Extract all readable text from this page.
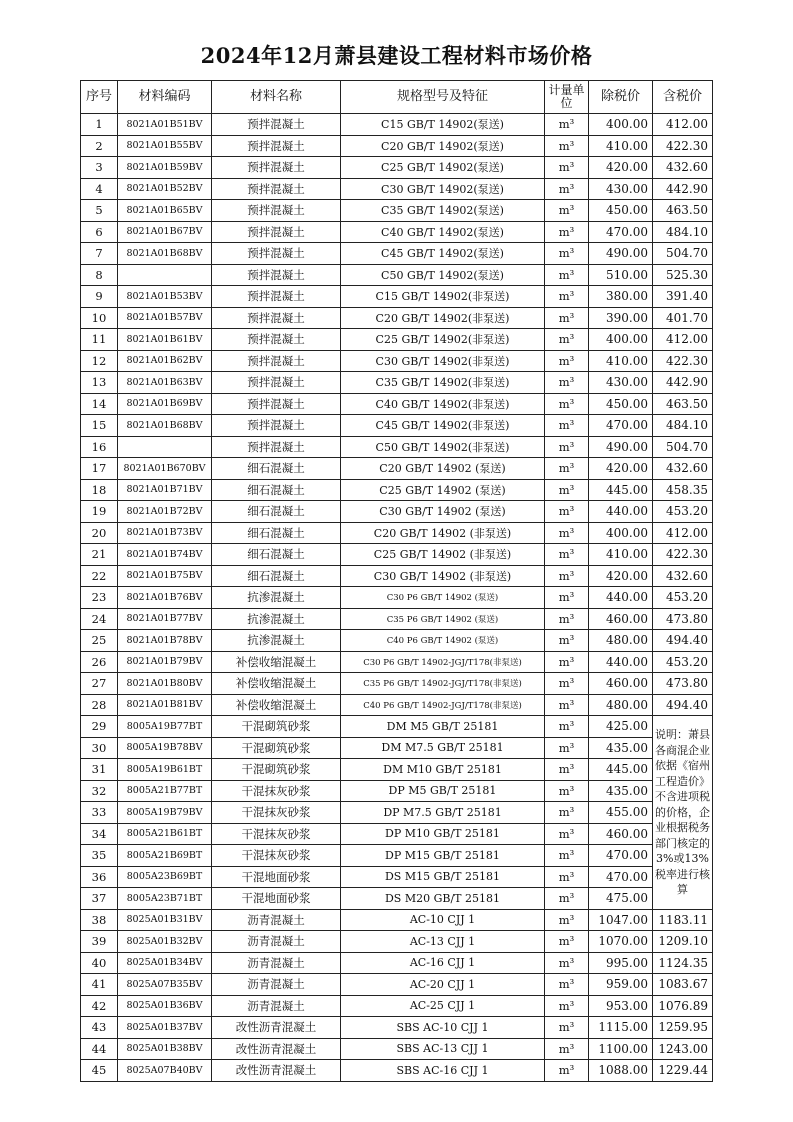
2024年12月萧县建设工程材料市场价格
序号	材料编码	材料名称	规格型号及特征	计量单位	除税价	含税价
1	8021A01B51BV	预拌混凝土	C15 GB/T 14902(泵送)	m³	400.00	412.00
2	8021A01B55BV	预拌混凝土	C20 GB/T 14902(泵送)	m³	410.00	422.30
3	8021A01B59BV	预拌混凝土	C25 GB/T 14902(泵送)	m³	420.00	432.60
4	8021A01B52BV	预拌混凝土	C30 GB/T 14902(泵送)	m³	430.00	442.90
5	8021A01B65BV	预拌混凝土	C35 GB/T 14902(泵送)	m³	450.00	463.50
6	8021A01B67BV	预拌混凝土	C40 GB/T 14902(泵送)	m³	470.00	484.10
7	8021A01B68BV	预拌混凝土	C45 GB/T 14902(泵送)	m³	490.00	504.70
8		预拌混凝土	C50 GB/T 14902(泵送)	m³	510.00	525.30
9	8021A01B53BV	预拌混凝土	C15 GB/T 14902(非泵送)	m³	380.00	391.40
10	8021A01B57BV	预拌混凝土	C20 GB/T 14902(非泵送)	m³	390.00	401.70
11	8021A01B61BV	预拌混凝土	C25 GB/T 14902(非泵送)	m³	400.00	412.00
12	8021A01B62BV	预拌混凝土	C30 GB/T 14902(非泵送)	m³	410.00	422.30
13	8021A01B63BV	预拌混凝土	C35 GB/T 14902(非泵送)	m³	430.00	442.90
14	8021A01B69BV	预拌混凝土	C40 GB/T 14902(非泵送)	m³	450.00	463.50
15	8021A01B68BV	预拌混凝土	C45 GB/T 14902(非泵送)	m³	470.00	484.10
16		预拌混凝土	C50 GB/T 14902(非泵送)	m³	490.00	504.70
17	8021A01B670BV	细石混凝土	C20 GB/T 14902 (泵送)	m³	420.00	432.60
18	8021A01B71BV	细石混凝土	C25 GB/T 14902 (泵送)	m³	445.00	458.35
19	8021A01B72BV	细石混凝土	C30 GB/T 14902 (泵送)	m³	440.00	453.20
20	8021A01B73BV	细石混凝土	C20 GB/T 14902 (非泵送)	m³	400.00	412.00
21	8021A01B74BV	细石混凝土	C25 GB/T 14902 (非泵送)	m³	410.00	422.30
22	8021A01B75BV	细石混凝土	C30 GB/T 14902 (非泵送)	m³	420.00	432.60
23	8021A01B76BV	抗渗混凝土	C30 P6 GB/T 14902 (泵送)	m³	440.00	453.20
24	8021A01B77BV	抗渗混凝土	C35 P6 GB/T 14902 (泵送)	m³	460.00	473.80
25	8021A01B78BV	抗渗混凝土	C40 P6 GB/T 14902 (泵送)	m³	480.00	494.40
26	8021A01B79BV	补偿收缩混凝土	C30 P6 GB/T 14902-JGJ/T178(非泵送)	m³	440.00	453.20
27	8021A01B80BV	补偿收缩混凝土	C35 P6 GB/T 14902-JGJ/T178(非泵送)	m³	460.00	473.80
28	8021A01B81BV	补偿收缩混凝土	C40 P6 GB/T 14902-JGJ/T178(非泵送)	m³	480.00	494.40
29	8005A19B77BT	干混砌筑砂浆	DM M5 GB/T 25181	m³	425.00	说明：萧县各商混企业依据《宿州工程造价》不含进项税的价格，企业根据税务部门核定的3%或13%税率进行核算
30	8005A19B78BV	干混砌筑砂浆	DM M7.5 GB/T 25181	m³	435.00	
31	8005A19B61BT	干混砌筑砂浆	DM M10 GB/T 25181	m³	445.00	
32	8005A21B77BT	干混抹灰砂浆	DP M5 GB/T 25181	m³	435.00	
33	8005A19B79BV	干混抹灰砂浆	DP M7.5 GB/T 25181	m³	455.00	
34	8005A21B61BT	干混抹灰砂浆	DP M10 GB/T 25181	m³	460.00	
35	8005A21B69BT	干混抹灰砂浆	DP M15 GB/T 25181	m³	470.00	
36	8005A23B69BT	干混地面砂浆	DS M15 GB/T 25181	m³	470.00	
37	8005A23B71BT	干混地面砂浆	DS M20 GB/T 25181	m³	475.00	
38	8025A01B31BV	沥青混凝土	AC-10 CJJ 1	m³	1047.00	1183.11
39	8025A01B32BV	沥青混凝土	AC-13 CJJ 1	m³	1070.00	1209.10
40	8025A01B34BV	沥青混凝土	AC-16 CJJ 1	m³	995.00	1124.35
41	8025A07B35BV	沥青混凝土	AC-20 CJJ 1	m³	959.00	1083.67
42	8025A01B36BV	沥青混凝土	AC-25 CJJ 1	m³	953.00	1076.89
43	8025A01B37BV	改性沥青混凝土	SBS AC-10 CJJ 1	m³	1115.00	1259.95
44	8025A01B38BV	改性沥青混凝土	SBS AC-13 CJJ 1	m³	1100.00	1243.00
45	8025A07B40BV	改性沥青混凝土	SBS AC-16 CJJ 1	m³	1088.00	1229.44
